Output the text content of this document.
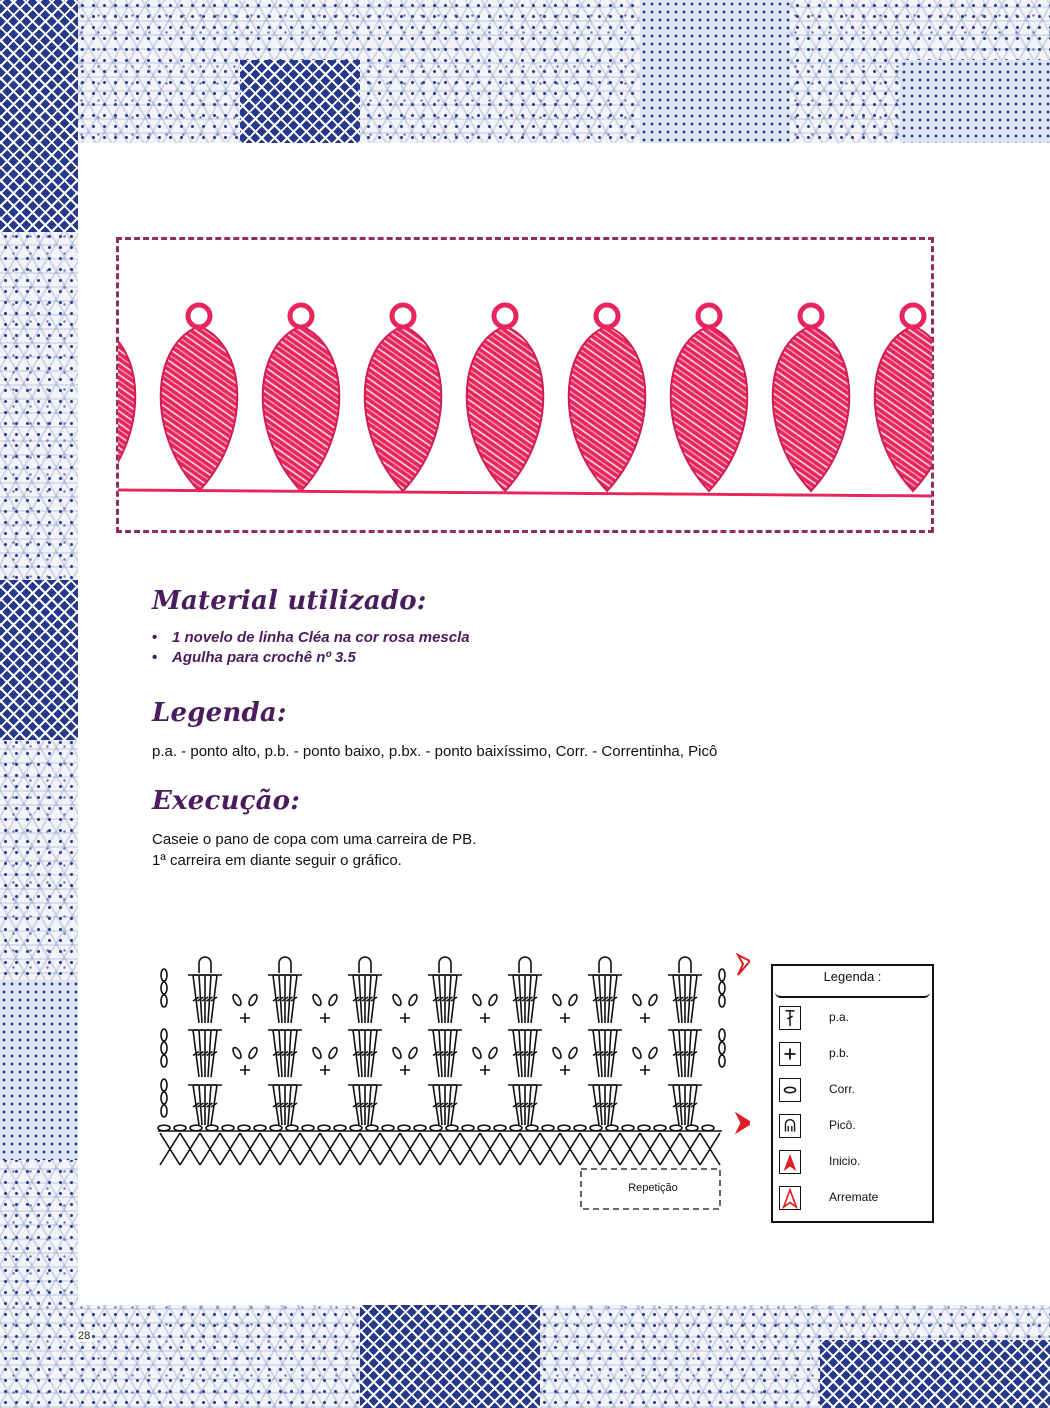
Material utilizado:
• 1 novelo de linha Cléa na cor rosa mescla
• Agulha para crochê nº 3.5
Legenda:

p.a. - ponto alto, p.b. - ponto baixo, p.bx. - ponto baixíssimo, Corr. - Correntinha, Picô

Execução:

Caseie o pano de copa com uma carreira de PB.

1ª carreira em diante seguir o gráfico.

Repetição
Legenda :
p.a.
p.b.
Corr.
Picô.
Inicio.
Arremate
28
